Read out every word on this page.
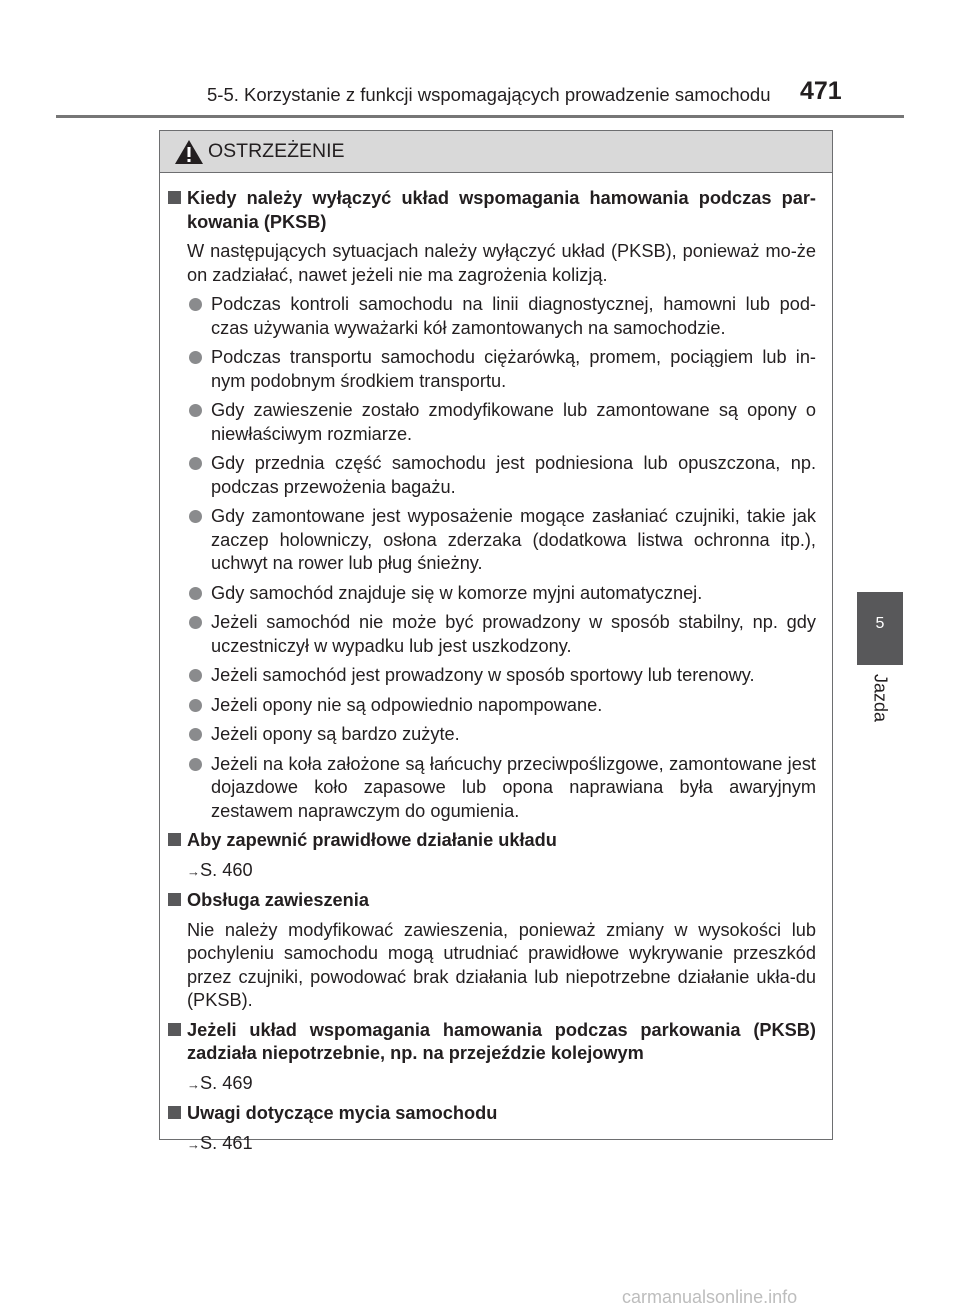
5-5. Korzystanie z funkcji wspomagających prowadzenie samochodu 471
5
Jazda
OSTRZEŻENIE
Kiedy należy wyłączyć układ wspomagania hamowania podczas par-kowania (PKSB)
W następujących sytuacjach należy wyłączyć układ (PKSB), ponieważ mo-że on zadziałać, nawet jeżeli nie ma zagrożenia kolizją.
Podczas kontroli samochodu na linii diagnostycznej, hamowni lub pod-czas używania wyważarki kół zamontowanych na samochodzie.
Podczas transportu samochodu ciężarówką, promem, pociągiem lub in-nym podobnym środkiem transportu.
Gdy zawieszenie zostało zmodyfikowane lub zamontowane są opony o niewłaściwym rozmiarze.
Gdy przednia część samochodu jest podniesiona lub opuszczona, np. podczas przewożenia bagażu.
Gdy zamontowane jest wyposażenie mogące zasłaniać czujniki, takie jak zaczep holowniczy, osłona zderzaka (dodatkowa listwa ochronna itp.), uchwyt na rower lub pług śnieżny.
Gdy samochód znajduje się w komorze myjni automatycznej.
Jeżeli samochód nie może być prowadzony w sposób stabilny, np. gdy uczestniczył w wypadku lub jest uszkodzony.
Jeżeli samochód jest prowadzony w sposób sportowy lub terenowy.
Jeżeli opony nie są odpowiednio napompowane.
Jeżeli opony są bardzo zużyte.
Jeżeli na koła założone są łańcuchy przeciwpoślizgowe, zamontowane jest dojazdowe koło zapasowe lub opona naprawiana była awaryjnym zestawem naprawczym do ogumienia.
Aby zapewnić prawidłowe działanie układu
→S. 460
Obsługa zawieszenia
Nie należy modyfikować zawieszenia, ponieważ zmiany w wysokości lub pochyleniu samochodu mogą utrudniać prawidłowe wykrywanie przeszkód przez czujniki, powodować brak działania lub niepotrzebne działanie ukła-du (PKSB).
Jeżeli układ wspomagania hamowania podczas parkowania (PKSB) zadziała niepotrzebnie, np. na przejeździe kolejowym
→S. 469
Uwagi dotyczące mycia samochodu
→S. 461
carmanualsonline.info
